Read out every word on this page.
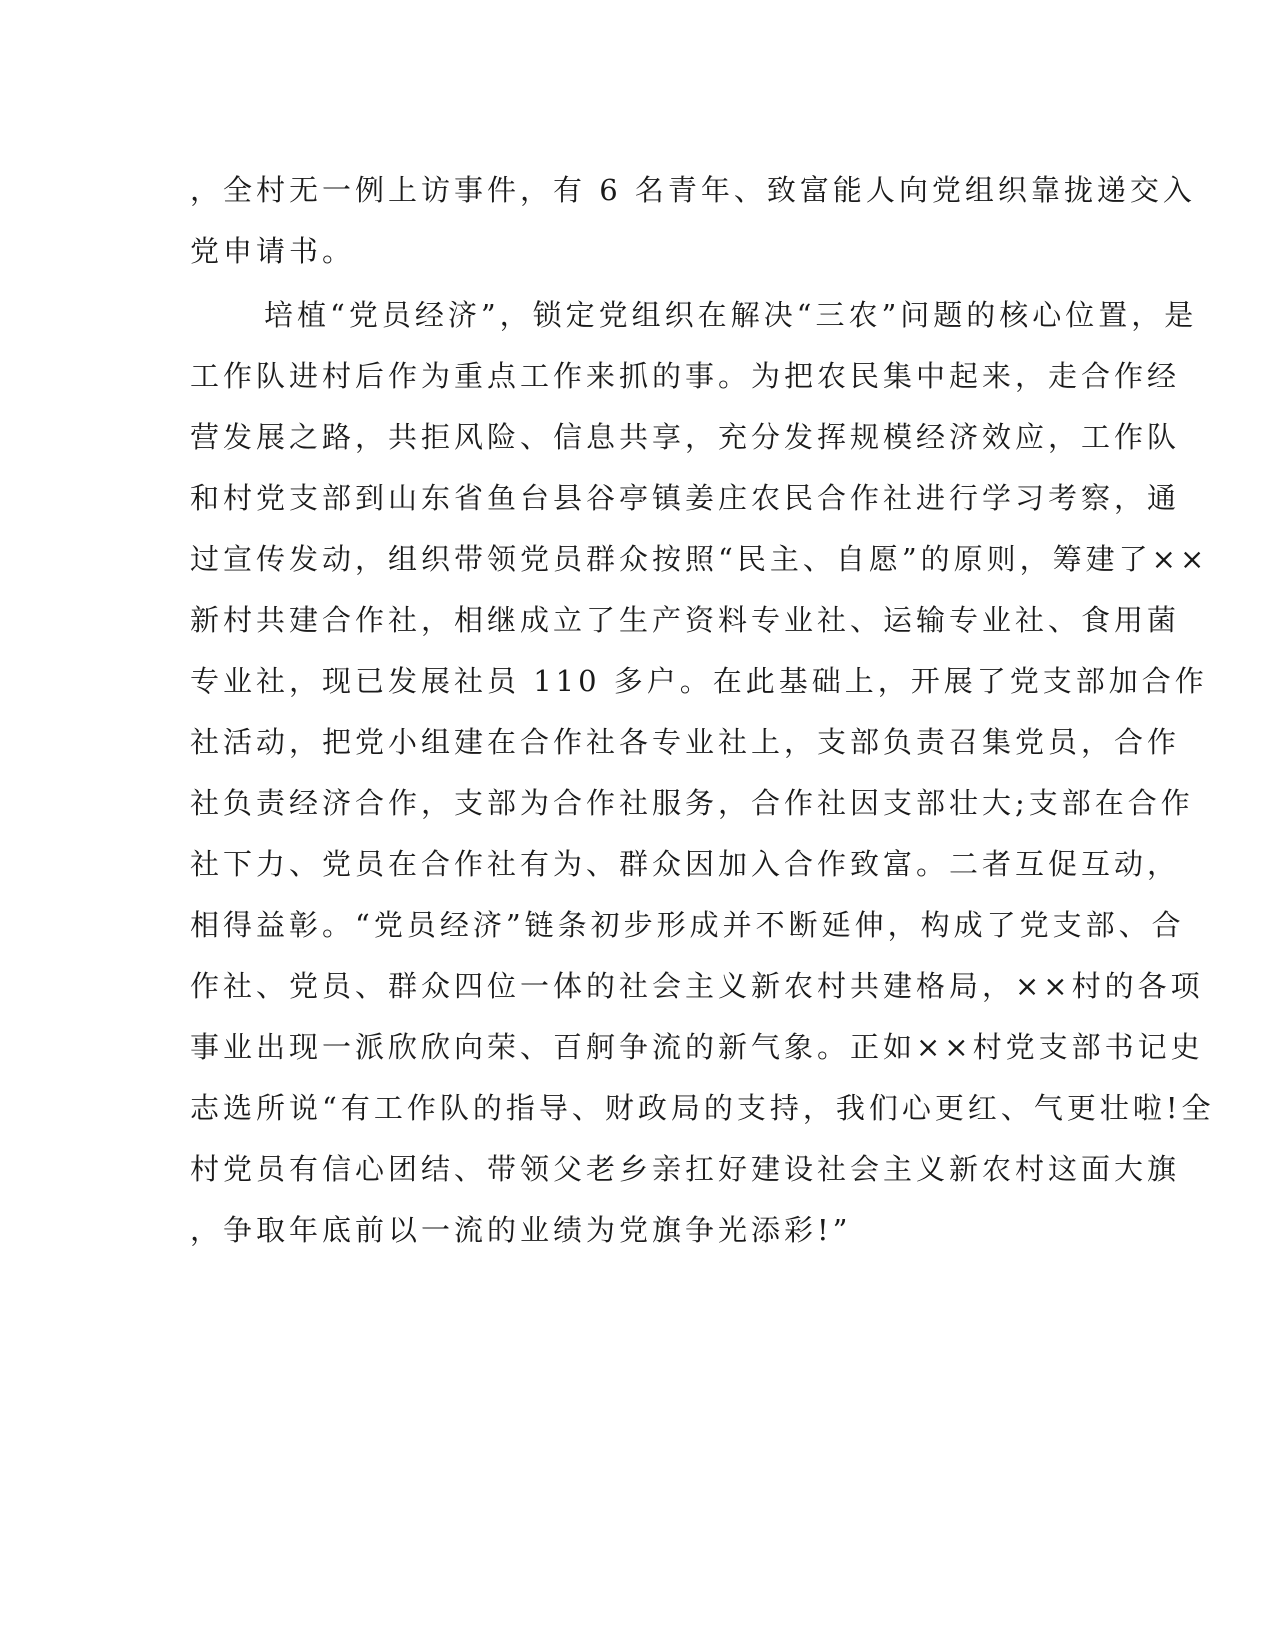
，全村无一例上访事件，有 6 名青年、致富能人向党组织靠拢递交入
党申请书。
培植“党员经济”，锁定党组织在解决“三农”问题的核心位置，是
工作队进村后作为重点工作来抓的事。为把农民集中起来，走合作经
营发展之路，共拒风险、信息共享，充分发挥规模经济效应，工作队
和村党支部到山东省鱼台县谷亭镇姜庄农民合作社进行学习考察，通
过宣传发动，组织带领党员群众按照“民主、自愿”的原则，筹建了××
新村共建合作社，相继成立了生产资料专业社、运输专业社、食用菌
专业社，现已发展社员 110 多户。在此基础上，开展了党支部加合作
社活动，把党小组建在合作社各专业社上，支部负责召集党员，合作
社负责经济合作，支部为合作社服务，合作社因支部壮大;支部在合作
社下力、党员在合作社有为、群众因加入合作致富。二者互促互动，
相得益彰。“党员经济”链条初步形成并不断延伸，构成了党支部、合
作社、党员、群众四位一体的社会主义新农村共建格局，××村的各项
事业出现一派欣欣向荣、百舸争流的新气象。正如××村党支部书记史
志选所说“有工作队的指导、财政局的支持，我们心更红、气更壮啦!全
村党员有信心团结、带领父老乡亲扛好建设社会主义新农村这面大旗
，争取年底前以一流的业绩为党旗争光添彩!”
